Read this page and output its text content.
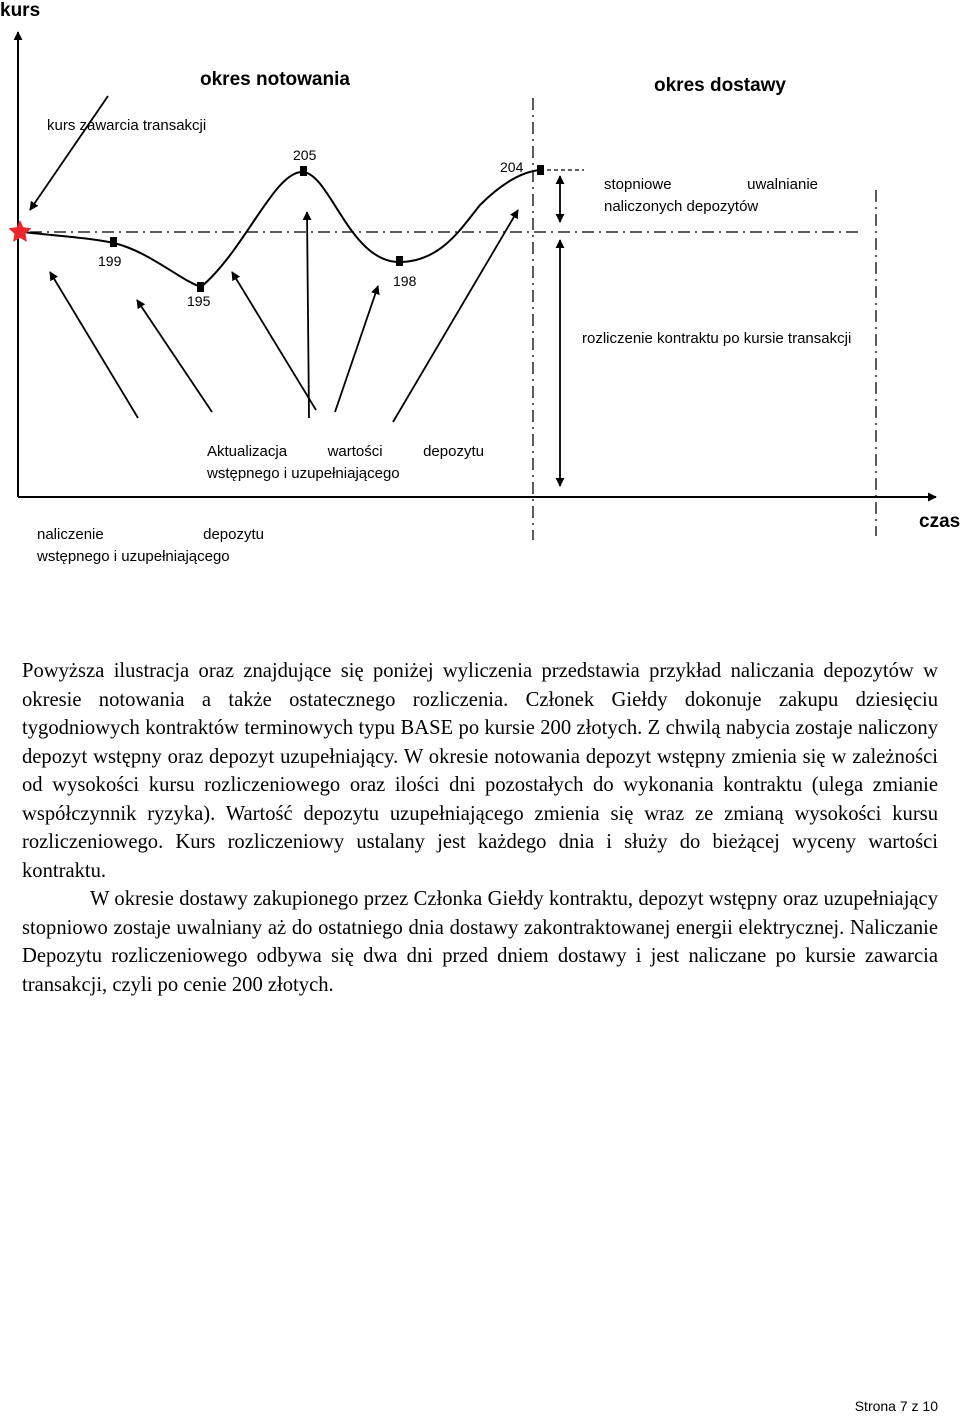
kurs
czas
kurs zawarcia transakcji
okres notowania	okres dostawy
199
195
205
198
204
stopniowe	uwalnianie
naliczonych depozytów
rozliczenie kontraktu po kursie transakcji
Aktualizacja	wartości	depozytu
wstępnego i uzupełniającego
naliczenie	depozytu
wstępnego i uzupełniającego

Powyższa ilustracja oraz znajdujące się poniżej wyliczenia przedstawia przykład naliczania depozytów w okresie notowania a także ostatecznego rozliczenia. Członek Giełdy dokonuje zakupu dziesięciu tygodniowych kontraktów terminowych typu BASE po kursie 200 złotych. Z chwilą nabycia zostaje naliczony depozyt wstępny oraz depozyt uzupełniający. W okresie notowania depozyt wstępny zmienia się w zależności od wysokości kursu rozliczeniowego oraz ilości dni pozostałych do wykonania kontraktu (ulega zmianie współczynnik ryzyka). Wartość depozytu uzupełniającego zmienia się wraz ze zmianą wysokości kursu rozliczeniowego. Kurs rozliczeniowy ustalany jest każdego dnia i służy do bieżącej wyceny wartości kontraktu.

W okresie dostawy zakupionego przez Członka Giełdy kontraktu, depozyt wstępny oraz uzupełniający stopniowo zostaje uwalniany aż do ostatniego dnia dostawy zakontraktowanej energii elektrycznej. Naliczanie Depozytu rozliczeniowego odbywa się dwa dni przed dniem dostawy i jest naliczane po kursie zawarcia transakcji, czyli po cenie 200 złotych.

Strona 7 z 10
